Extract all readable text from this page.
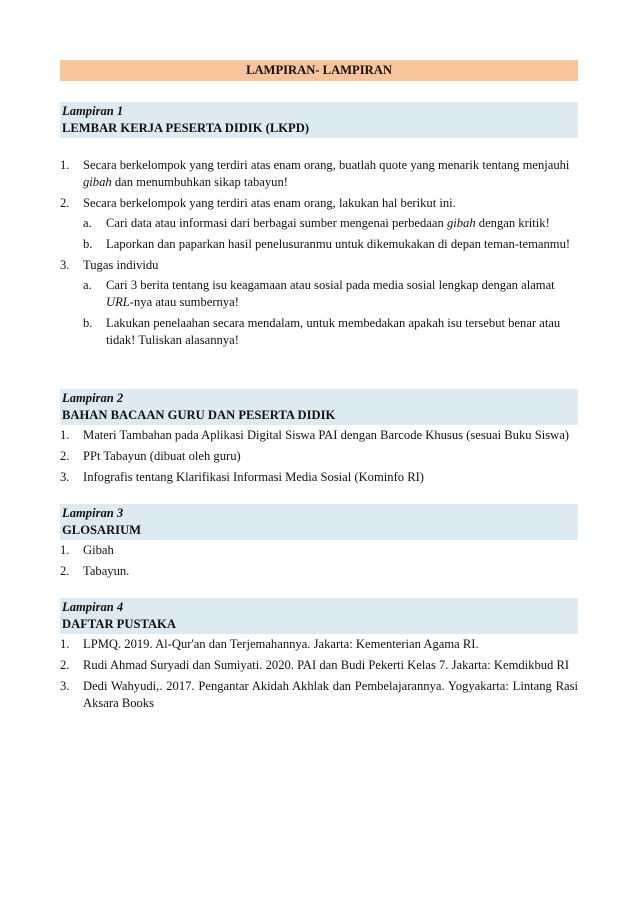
LAMPIRAN- LAMPIRAN
Lampiran 1
LEMBAR KERJA PESERTA DIDIK (LKPD)
1. Secara berkelompok yang terdiri atas enam orang, buatlah quote yang menarik tentang menjauhi gibah dan menumbuhkan sikap tabayun!
2. Secara berkelompok yang terdiri atas enam orang, lakukan hal berikut ini.
a. Cari data atau informasi dari berbagai sumber mengenai perbedaan gibah dengan kritik!
b. Laporkan dan paparkan hasil penelusuranmu untuk dikemukakan di depan teman-temanmu!
3. Tugas individu
a. Cari 3 berita tentang isu keagamaan atau sosial pada media sosial lengkap dengan alamat URL-nya atau sumbernya!
b. Lakukan penelaahan secara mendalam, untuk membedakan apakah isu tersebut benar atau tidak! Tuliskan alasannya!
Lampiran 2
BAHAN BACAAN GURU DAN PESERTA DIDIK
1. Materi Tambahan pada Aplikasi Digital Siswa PAI dengan Barcode Khusus (sesuai Buku Siswa)
2. PPt Tabayun (dibuat oleh guru)
3. Infografis tentang Klarifikasi Informasi Media Sosial (Kominfo RI)
Lampiran 3
GLOSARIUM
1. Gibah
2. Tabayun.
Lampiran 4
DAFTAR PUSTAKA
1. LPMQ. 2019. Al-Qur'an dan Terjemahannya. Jakarta: Kementerian Agama RI.
2. Rudi Ahmad Suryadi dan Sumiyati. 2020. PAI dan Budi Pekerti Kelas 7. Jakarta: Kemdikbud RI
3. Dedi Wahyudi,. 2017. Pengantar Akidah Akhlak dan Pembelajarannya. Yogyakarta: Lintang Rasi Aksara Books
